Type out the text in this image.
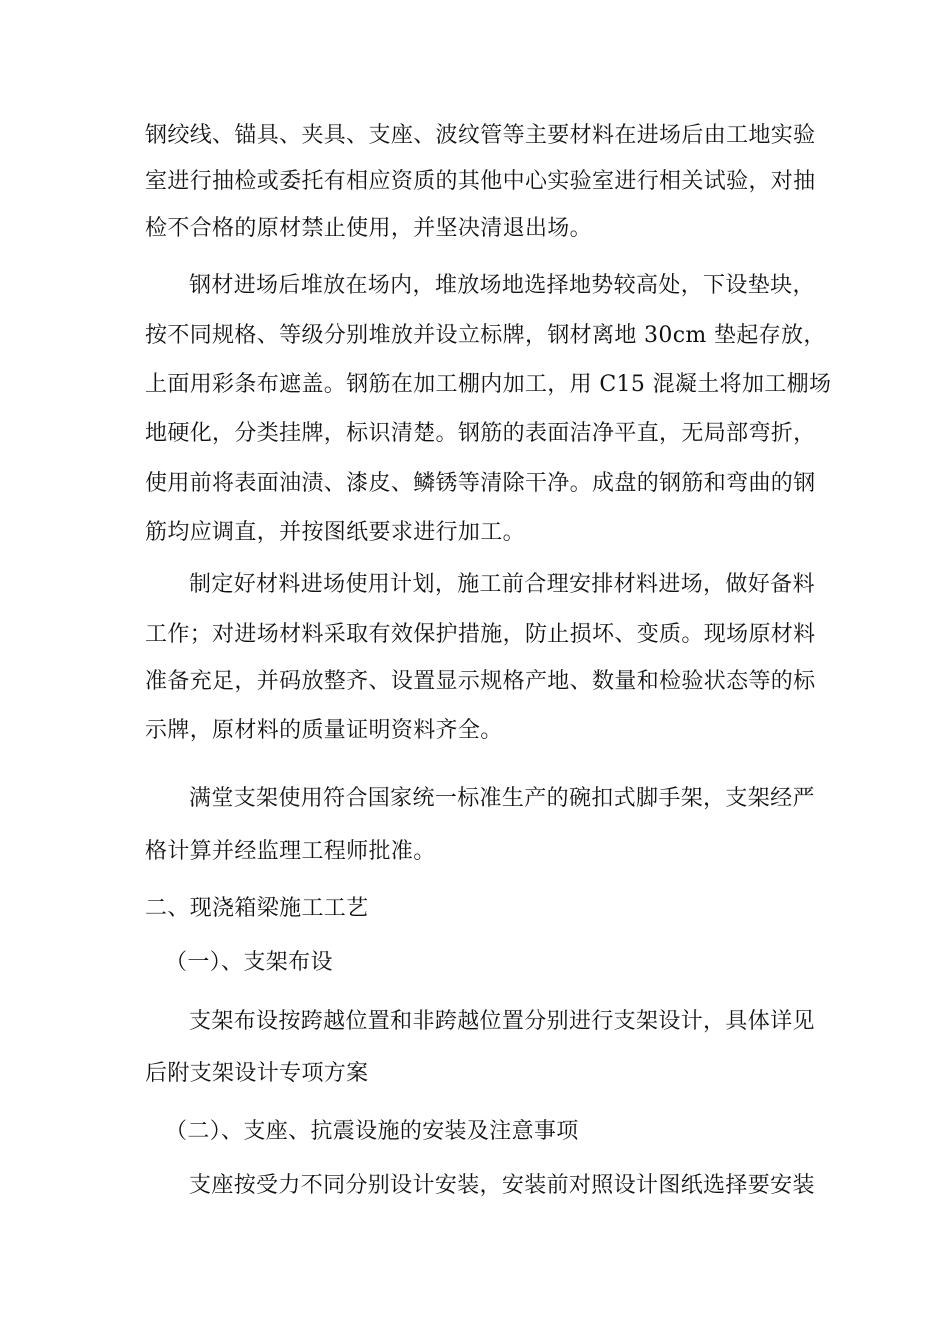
钢绞线、锚具、夹具、支座、波纹管等主要材料在进场后由工地实验
室进行抽检或委托有相应资质的其他中心实验室进行相关试验，对抽
检不合格的原材禁止使用，并坚决清退出场。
钢材进场后堆放在场内，堆放场地选择地势较高处，下设垫块，
按不同规格、等级分别堆放并设立标牌，钢材离地 30cm 垫起存放，
上面用彩条布遮盖。钢筋在加工棚内加工，用 C15 混凝土将加工棚场
地硬化，分类挂牌，标识清楚。钢筋的表面洁净平直，无局部弯折，
使用前将表面油渍、漆皮、鳞锈等清除干净。成盘的钢筋和弯曲的钢
筋均应调直，并按图纸要求进行加工。
制定好材料进场使用计划，施工前合理安排材料进场，做好备料
工作；对进场材料采取有效保护措施，防止损坏、变质。现场原材料
准备充足，并码放整齐、设置显示规格产地、数量和检验状态等的标
示牌，原材料的质量证明资料齐全。
满堂支架使用符合国家统一标准生产的碗扣式脚手架，支架经严
格计算并经监理工程师批准。
二、现浇箱梁施工工艺
（一）、支架布设
支架布设按跨越位置和非跨越位置分别进行支架设计，具体详见
后附支架设计专项方案
（二）、支座、抗震设施的安装及注意事项
支座按受力不同分别设计安装，安装前对照设计图纸选择要安装
